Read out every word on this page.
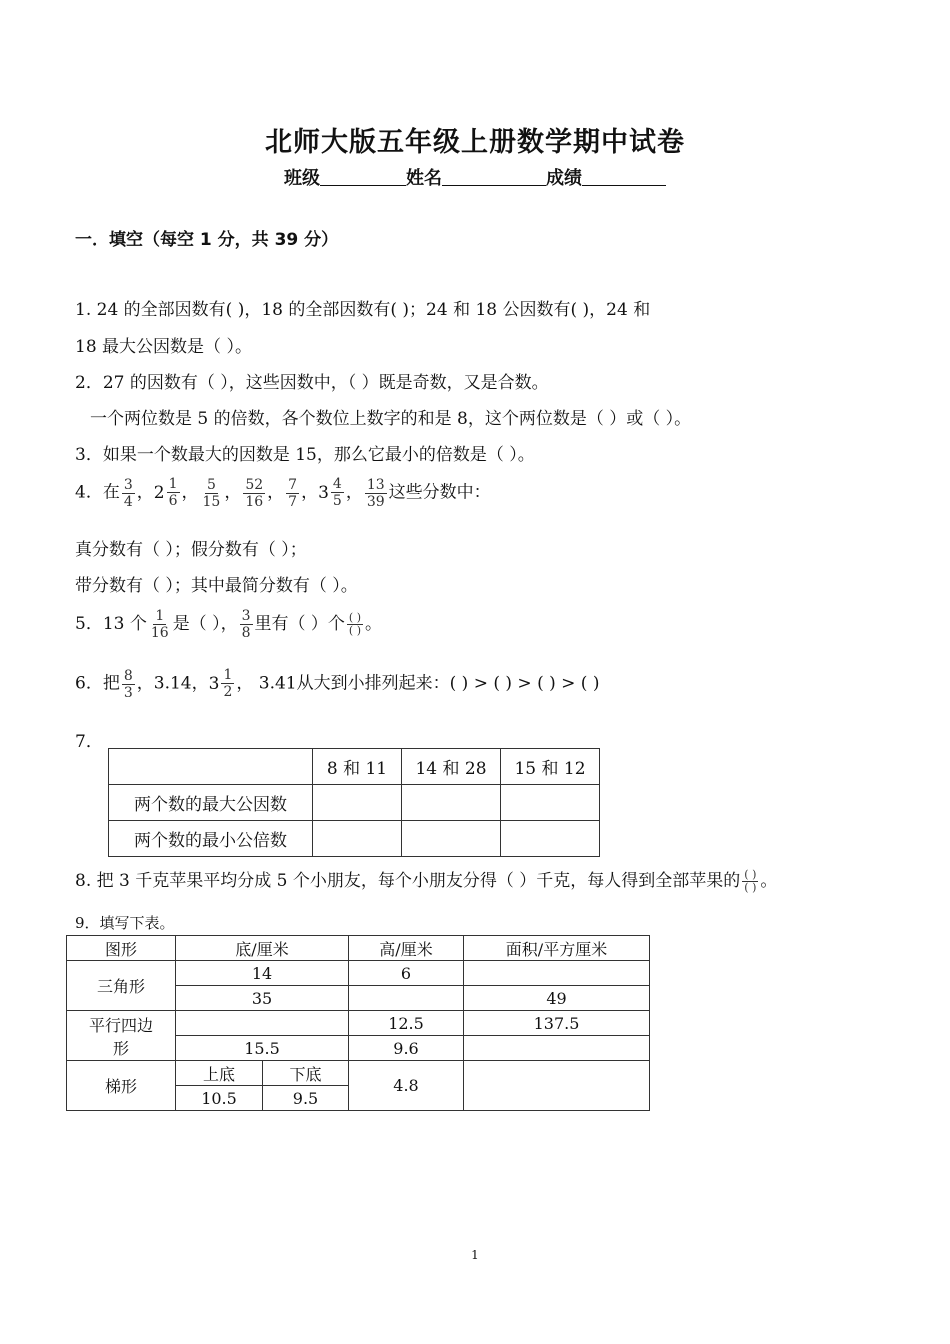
北师大版五年级上册数学期中试卷
班级	姓名	成绩
一．填空（每空 1 分，共 39 分）
1. 24 的全部因数有( )，18 的全部因数有( )；24 和 18 公因数有( )，24 和
18 最大公因数是（ ）。
2．27 的因数有（ ），这些因数中，（ ）既是奇数，又是合数。
一个两位数是 5 的倍数，各个数位上数字的和是 8，这个两位数是（ ）或（ ）。
3．如果一个数最大的因数是 15，那么它最小的倍数是（ ）。
4．在 $\frac{3}{4}$ ， $2 \frac{1}{6}$ ， $\frac{5}{15}$ ， $\frac{52}{16}$ ， $\frac{7}{7}$ ， $3 \frac{4}{5}$ ， $\frac{13}{39}$ 这些分数中：
真分数有（ ）；假分数有（ ）；
带分数有（ ）；其中最简分数有（ ）。
5．13 个 $\frac{1}{16}$ 是（ ）， $\frac{3}{8}$ 里有（ ）个 $\frac{( )}{( )}$ 。
6．把 $\frac{8}{3}$ ，3.14， $3 \frac{1}{2}$ ， 3.41从大到小排列起来：( ) > ( ) > ( ) > ( )
7．
	8 和 11	14 和 28	15 和 12
两个数的最大公因数			
两个数的最小公倍数			
8. 把 3 千克苹果平均分成 5 个小朋友，每个小朋友分得（ ）千克，每人得到全部苹果的 $\frac{( )}{( )}$ 。
9．填写下表。
图形	底/厘米		高/厘米	面积/平方厘米
三角形	14		6	
	35			49
平行四边
形			12.5	137.5
	15.5		9.6	
梯形	上底	下底	4.8	
	10.5	9.5		
1
